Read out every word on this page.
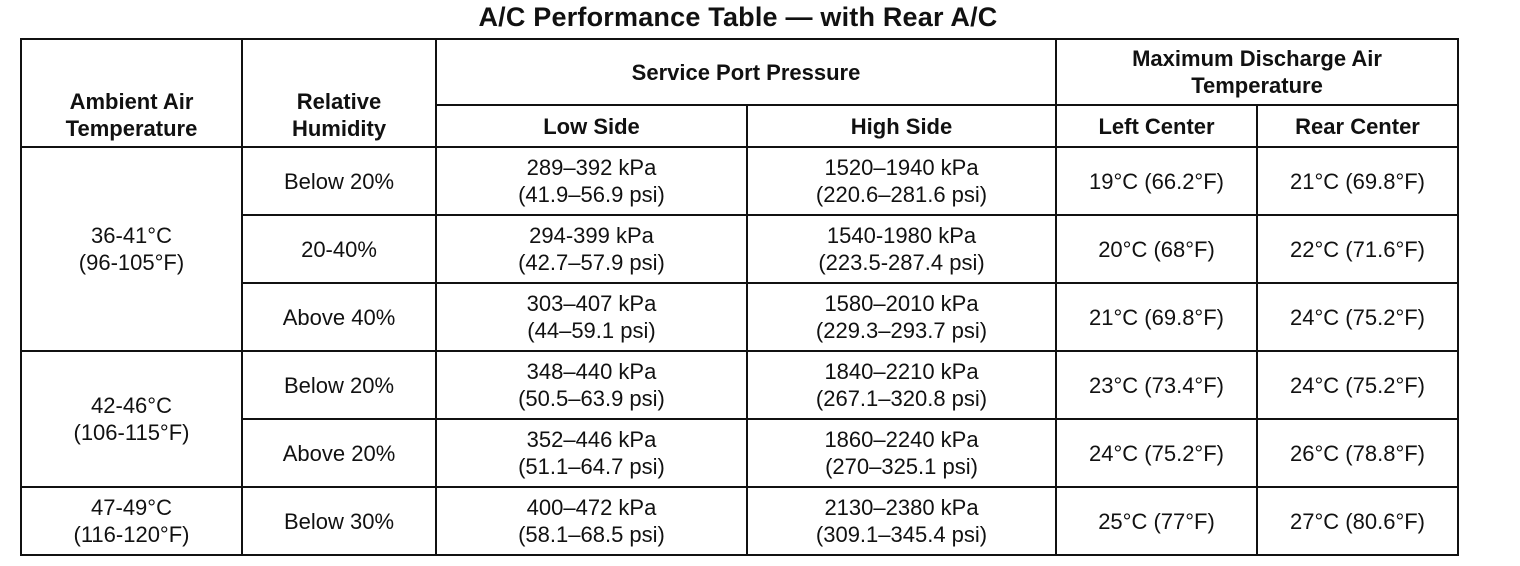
A/C Performance Table — with Rear A/C
Ambient Air
Temperature	Relative
Humidity	Service Port Pressure		Maximum Discharge Air
Temperature	

		Low Side	High Side	Left Center	Rear Center

36-41°C
(96-105°F)	Below 20%	289–392 kPa
(41.9–56.9 psi)	1520–1940 kPa
(220.6–281.6 psi)	19°C (66.2°F)	21°C (69.8°F)
	20-40%	294-399 kPa
(42.7–57.9 psi)	1540-1980 kPa
(223.5-287.4 psi)	20°C (68°F)	22°C (71.6°F)
	Above 40%	303–407 kPa
(44–59.1 psi)	1580–2010 kPa
(229.3–293.7 psi)	21°C (69.8°F)	24°C (75.2°F)

42-46°C
(106-115°F)	Below 20%	348–440 kPa
(50.5–63.9 psi)	1840–2210 kPa
(267.1–320.8 psi)	23°C (73.4°F)	24°C (75.2°F)
	Above 20%	352–446 kPa
(51.1–64.7 psi)	1860–2240 kPa
(270–325.1 psi)	24°C (75.2°F)	26°C (78.8°F)

47-49°C
(116-120°F)	Below 30%	400–472 kPa
(58.1–68.5 psi)	2130–2380 kPa
(309.1–345.4 psi)	25°C (77°F)	27°C (80.6°F)
